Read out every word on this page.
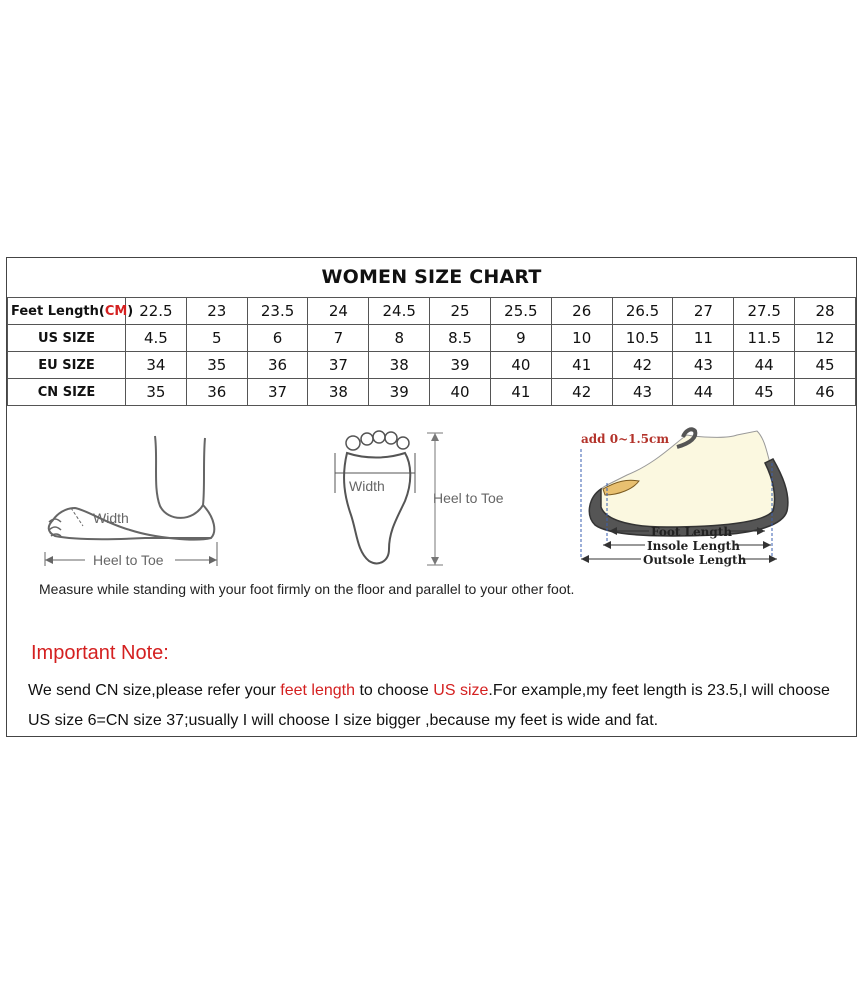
WOMEN SIZE CHART
Feet Length(CM)	22.5	23	23.5	24	24.5	25	25.5	26	26.5	27	27.5	28
US SIZE	4.5	5	6	7	8	8.5	9	10	10.5	11	11.5	12
EU SIZE	34	35	36	37	38	39	40	41	42	43	44	45
CN SIZE	35	36	37	38	39	40	41	42	43	44	45	46
Width
Heel to Toe
Width
Heel to Toe
add 0~1.5cm
Foot Length
Insole Length
Outsole Length
Measure while standing with your foot firmly on the floor and parallel to your other foot.
Important Note:
We send CN size,please refer your feet length to choose US size.For example,my feet length is 23.5,I will choose US size 6=CN size 37;usually I will choose I size bigger ,because my feet is wide and fat.
